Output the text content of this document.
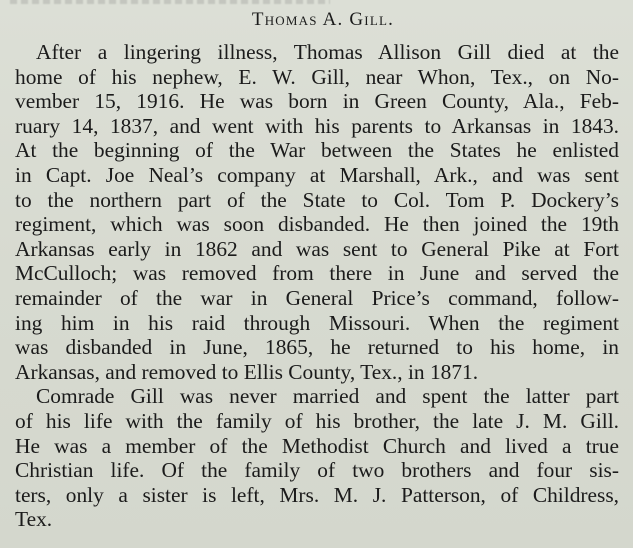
Thomas A. Gill.
After a lingering illness, Thomas Allison Gill died at the
home of his nephew, E. W. Gill, near Whon, Tex., on No-
vember 15, 1916. He was born in Green County, Ala., Feb-
ruary 14, 1837, and went with his parents to Arkansas in 1843.
At the beginning of the War between the States he enlisted
in Capt. Joe Neal’s company at Marshall, Ark., and was sent
to the northern part of the State to Col. Tom P. Dockery’s
regiment, which was soon disbanded. He then joined the 19th
Arkansas early in 1862 and was sent to General Pike at Fort
McCulloch; was removed from there in June and served the
remainder of the war in General Price’s command, follow-
ing him in his raid through Missouri. When the regiment
was disbanded in June, 1865, he returned to his home, in
Arkansas, and removed to Ellis County, Tex., in 1871.
Comrade Gill was never married and spent the latter part
of his life with the family of his brother, the late J. M. Gill.
He was a member of the Methodist Church and lived a true
Christian life. Of the family of two brothers and four sis-
ters, only a sister is left, Mrs. M. J. Patterson, of Childress,
Tex.
